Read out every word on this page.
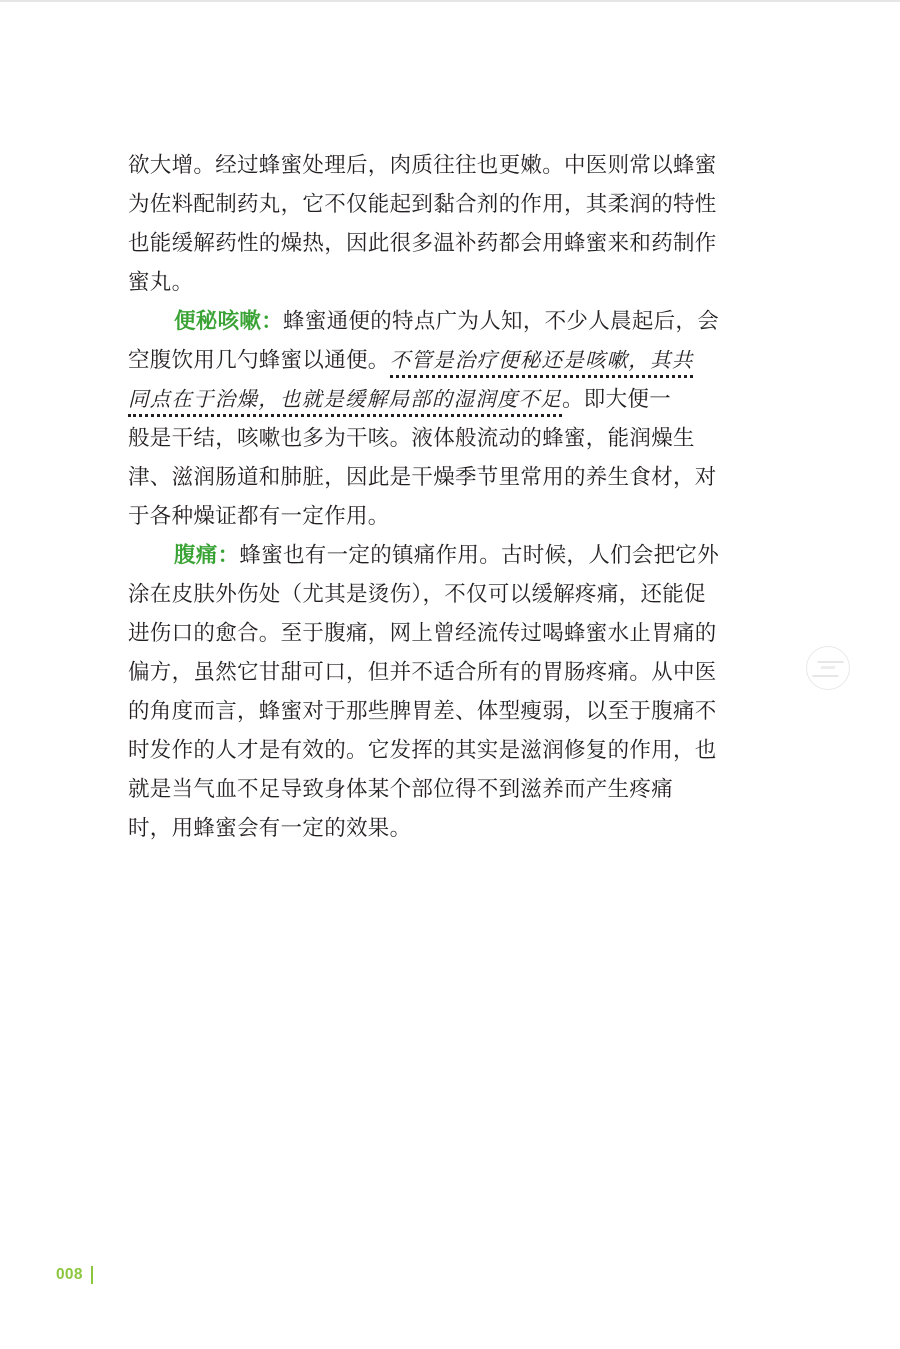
欲大增。经过蜂蜜处理后，肉质往往也更嫩。中医则常以蜂蜜
为佐料配制药丸，它不仅能起到黏合剂的作用，其柔润的特性
也能缓解药性的燥热，因此很多温补药都会用蜂蜜来和药制作
蜜丸。

便秘咳嗽：蜂蜜通便的特点广为人知，不少人晨起后，会
空腹饮用几勺蜂蜜以通便。不管是治疗便秘还是咳嗽，其共
同点在于治燥，也就是缓解局部的湿润度不足。即大便一
般是干结，咳嗽也多为干咳。液体般流动的蜂蜜，能润燥生
津、滋润肠道和肺脏，因此是干燥季节里常用的养生食材，对
于各种燥证都有一定作用。

腹痛：蜂蜜也有一定的镇痛作用。古时候，人们会把它外
涂在皮肤外伤处（尤其是烫伤），不仅可以缓解疼痛，还能促
进伤口的愈合。至于腹痛，网上曾经流传过喝蜂蜜水止胃痛的
偏方，虽然它甘甜可口，但并不适合所有的胃肠疼痛。从中医
的角度而言，蜂蜜对于那些脾胃差、体型瘦弱，以至于腹痛不
时发作的人才是有效的。它发挥的其实是滋润修复的作用，也
就是当气血不足导致身体某个部位得不到滋养而产生疼痛
时，用蜂蜜会有一定的效果。

008
